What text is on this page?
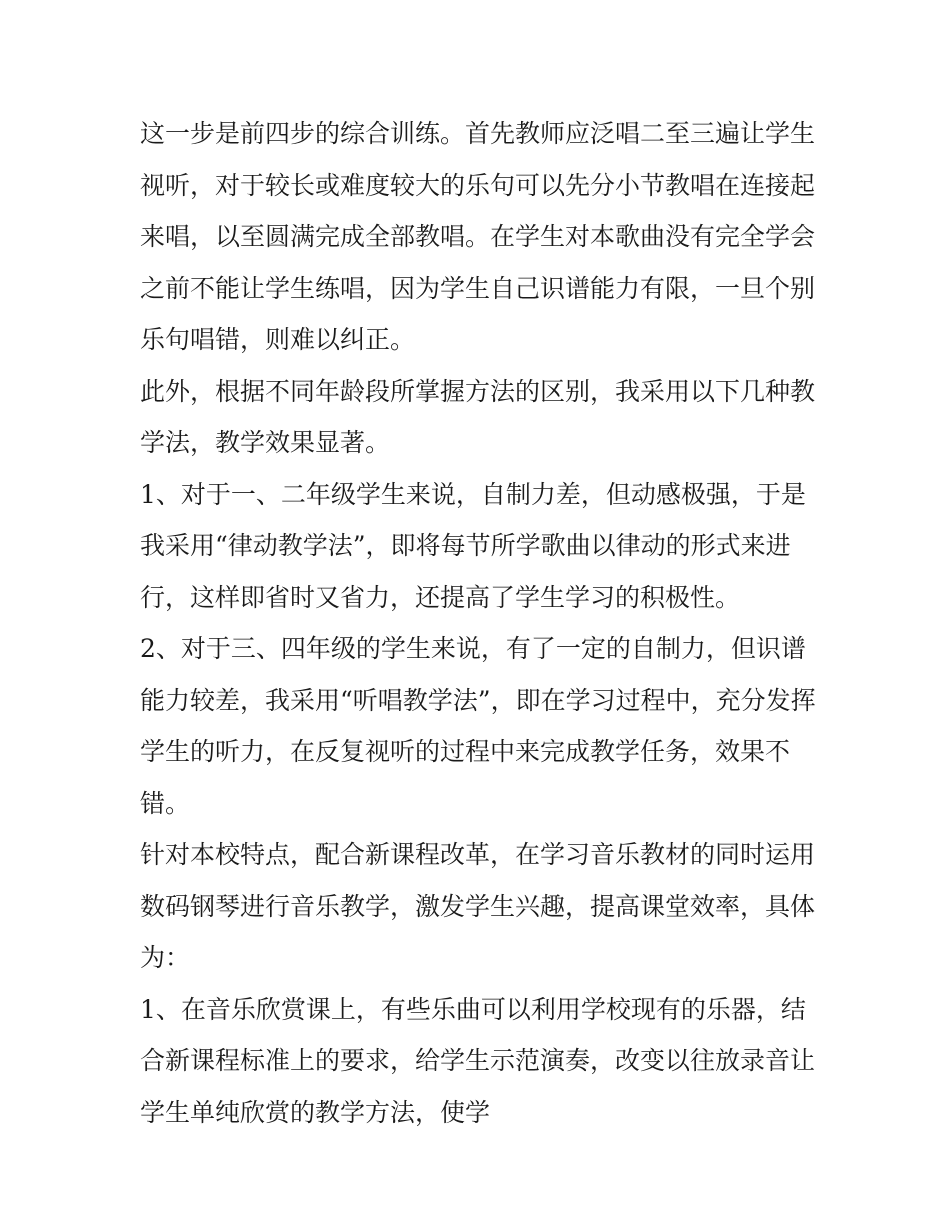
这一步是前四步的综合训练。首先教师应泛唱二至三遍让学生视听，对于较长或难度较大的乐句可以先分小节教唱在连接起来唱，以至圆满完成全部教唱。在学生对本歌曲没有完全学会之前不能让学生练唱，因为学生自己识谱能力有限，一旦个别乐句唱错，则难以纠正。

此外，根据不同年龄段所掌握方法的区别，我采用以下几种教学法，教学效果显著。

1、对于一、二年级学生来说，自制力差，但动感极强，于是我采用“律动教学法”，即将每节所学歌曲以律动的形式来进行，这样即省时又省力，还提高了学生学习的积极性。

2、对于三、四年级的学生来说，有了一定的自制力，但识谱能力较差，我采用“听唱教学法”，即在学习过程中，充分发挥学生的听力，在反复视听的过程中来完成教学任务，效果不错。

针对本校特点，配合新课程改革，在学习音乐教材的同时运用数码钢琴进行音乐教学，激发学生兴趣，提高课堂效率，具体为：

1、在音乐欣赏课上，有些乐曲可以利用学校现有的乐器，结合新课程标准上的要求，给学生示范演奏，改变以往放录音让学生单纯欣赏的教学方法，使学
